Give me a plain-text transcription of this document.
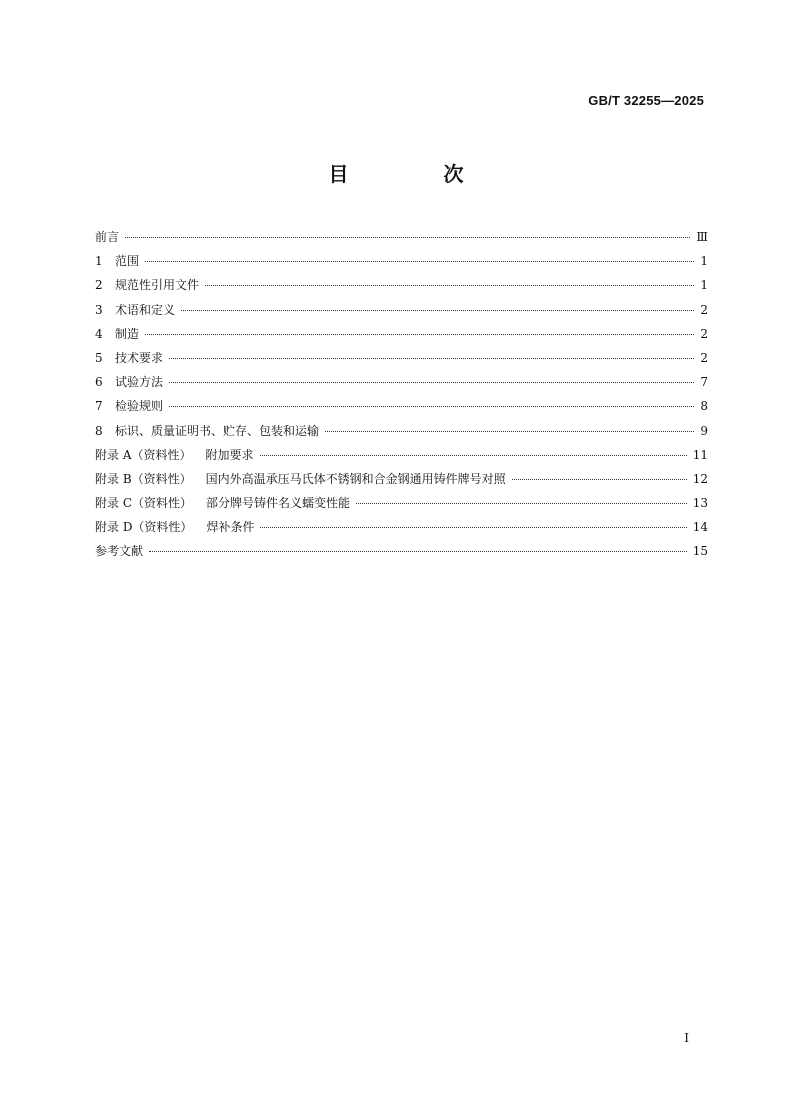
GB/T 32255—2025
目 次
前言	Ⅲ
1	范围	1
2	规范性引用文件	1
3	术语和定义	2
4	制造	2
5	技术要求	2
6	试验方法	7
7	检验规则	8
8	标识、质量证明书、贮存、包装和运输	9
附录 A（资料性） 附加要求	11
附录 B（资料性） 国内外高温承压马氏体不锈钢和合金钢通用铸件牌号对照	12
附录 C（资料性） 部分牌号铸件名义蠕变性能	13
附录 D（资料性） 焊补条件	14
参考文献	15
I
